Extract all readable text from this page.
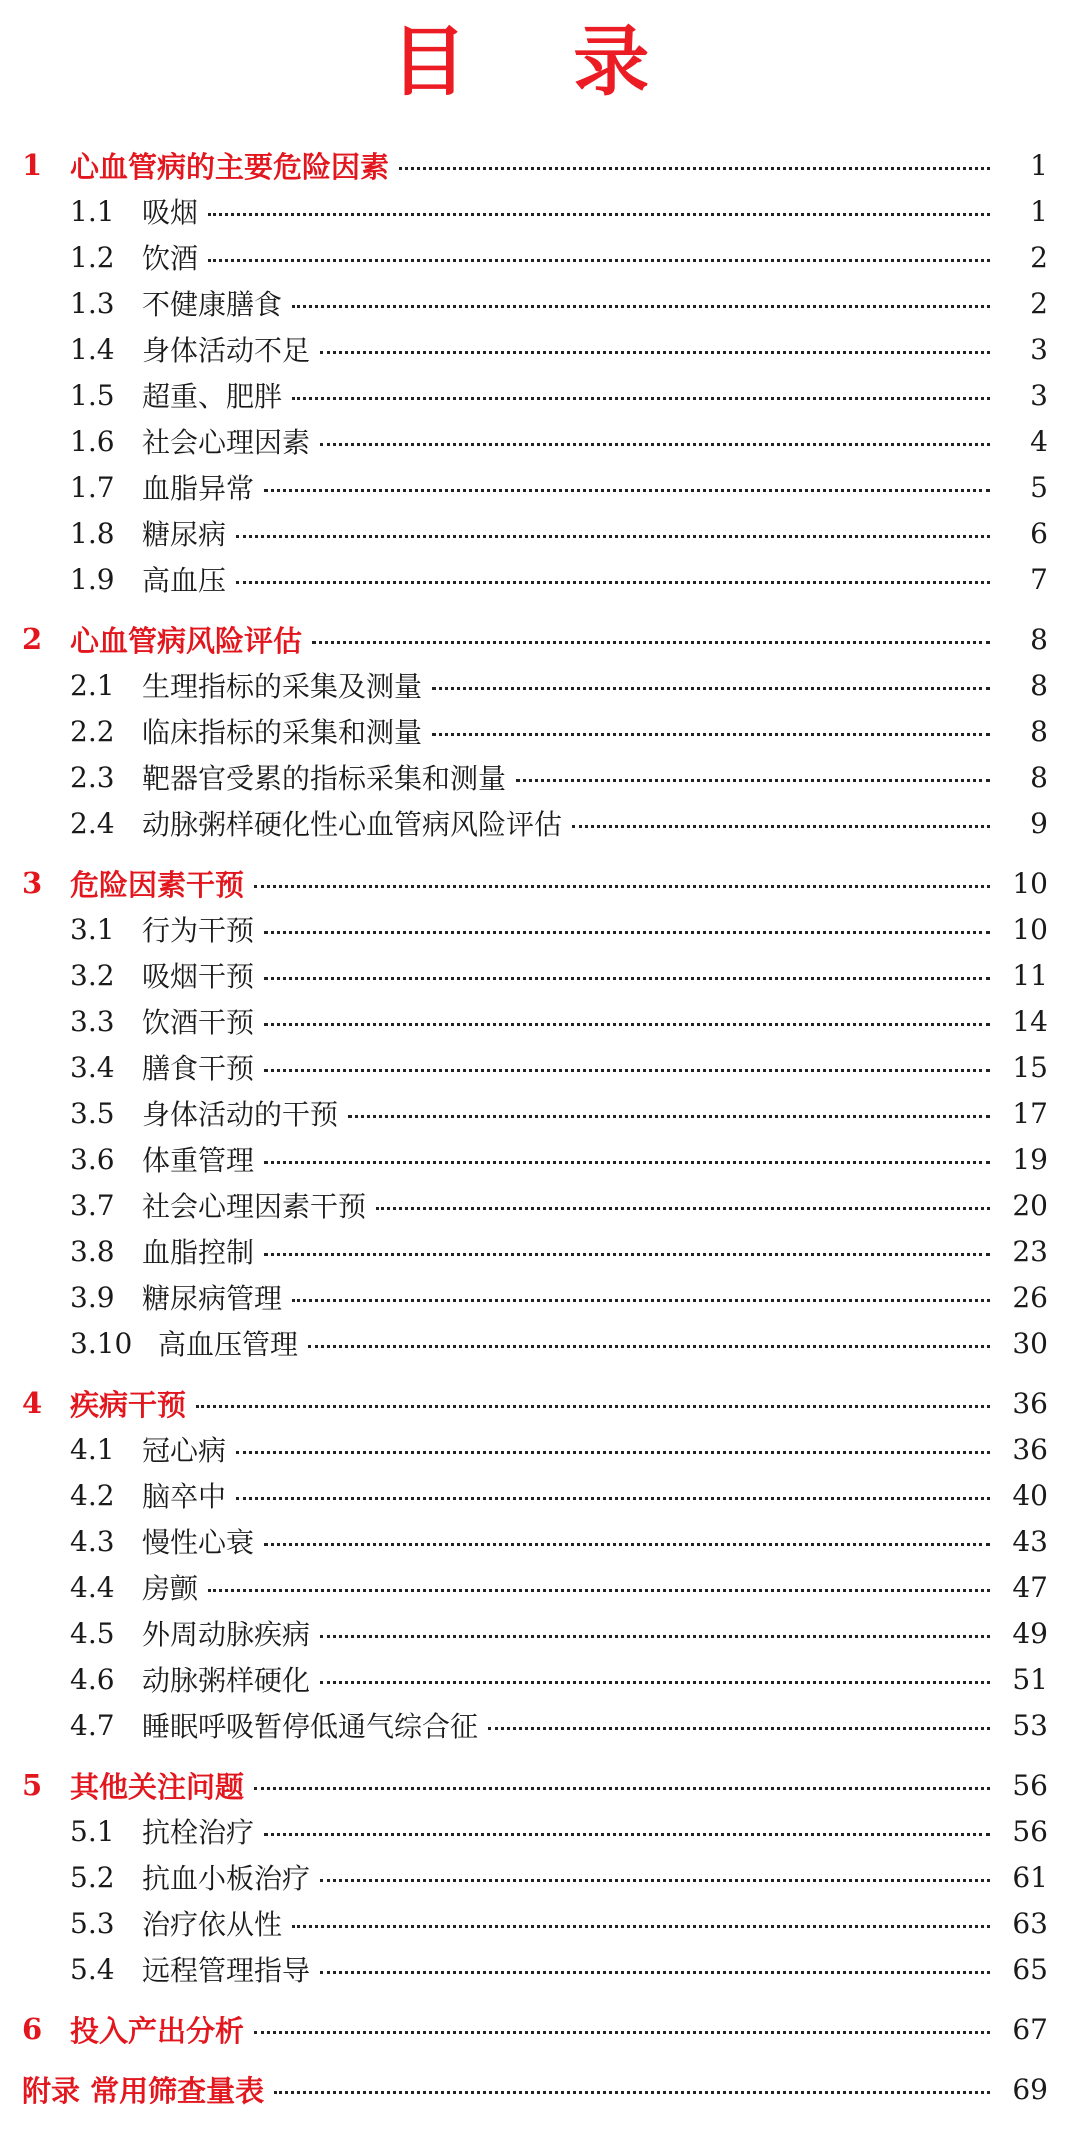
目 录
1 心血管病的主要危险因素	1
1.1 吸烟	1
1.2 饮酒	2
1.3 不健康膳食	2
1.4 身体活动不足	3
1.5 超重、肥胖	3
1.6 社会心理因素	4
1.7 血脂异常	5
1.8 糖尿病	6
1.9 高血压	7
2 心血管病风险评估	8
2.1 生理指标的采集及测量	8
2.2 临床指标的采集和测量	8
2.3 靶器官受累的指标采集和测量	8
2.4 动脉粥样硬化性心血管病风险评估	9
3 危险因素干预	10
3.1 行为干预	10
3.2 吸烟干预	11
3.3 饮酒干预	14
3.4 膳食干预	15
3.5 身体活动的干预	17
3.6 体重管理	19
3.7 社会心理因素干预	20
3.8 血脂控制	23
3.9 糖尿病管理	26
3.10 高血压管理	30
4 疾病干预	36
4.1 冠心病	36
4.2 脑卒中	40
4.3 慢性心衰	43
4.4 房颤	47
4.5 外周动脉疾病	49
4.6 动脉粥样硬化	51
4.7 睡眠呼吸暂停低通气综合征	53
5 其他关注问题	56
5.1 抗栓治疗	56
5.2 抗血小板治疗	61
5.3 治疗依从性	63
5.4 远程管理指导	65
6 投入产出分析	67
附录 常用筛查量表	69
